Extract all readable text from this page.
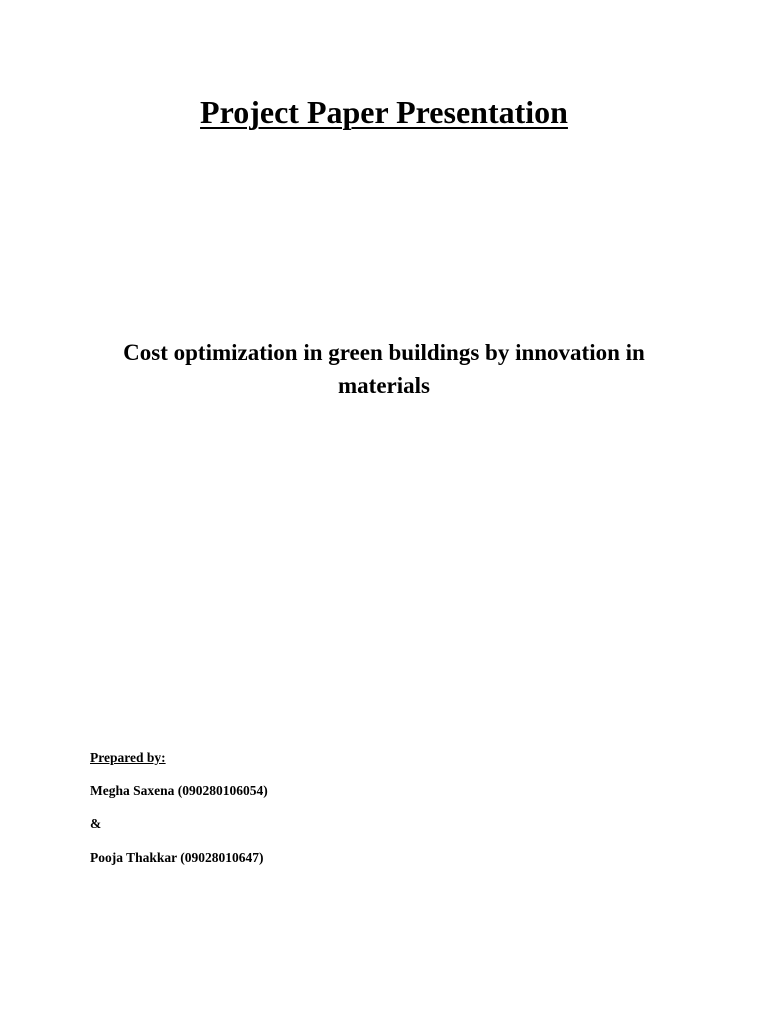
Project Paper Presentation
Cost optimization in green buildings by innovation in materials

Prepared by:

Megha Saxena (090280106054)

&

Pooja Thakkar (09028010647)
